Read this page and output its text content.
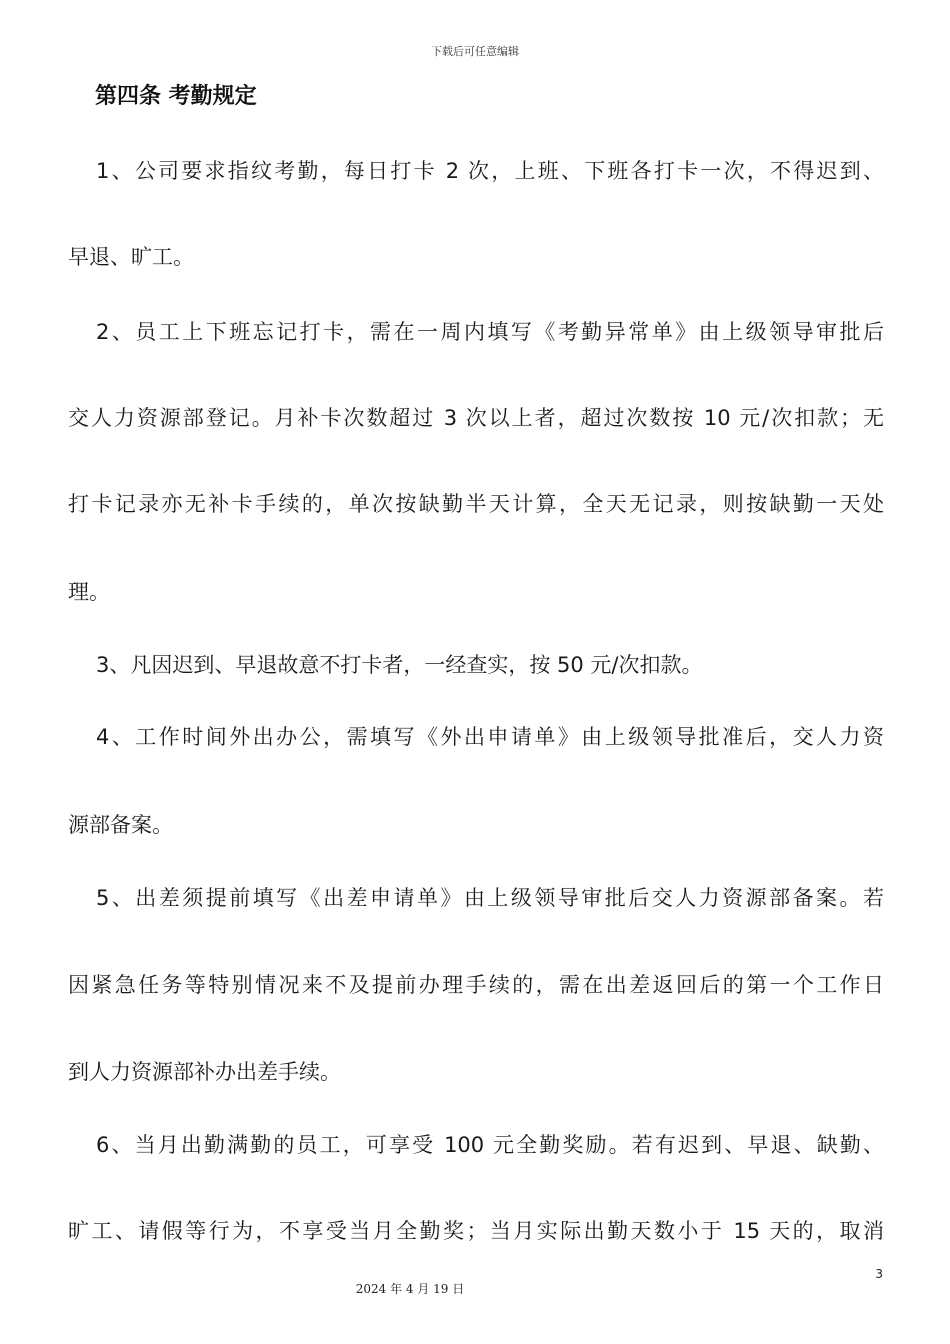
下载后可任意编辑
第四条 考勤规定
1、公司要求指纹考勤，每日打卡 2 次，上班、下班各打卡一次，不得迟到、
早退、旷工。
2、员工上下班忘记打卡，需在一周内填写《考勤异常单》由上级领导审批后
交人力资源部登记。月补卡次数超过 3 次以上者，超过次数按 10 元/次扣款；无
打卡记录亦无补卡手续的，单次按缺勤半天计算，全天无记录，则按缺勤一天处
理。
3、凡因迟到、早退故意不打卡者，一经查实，按 50 元/次扣款。
4、工作时间外出办公，需填写《外出申请单》由上级领导批准后，交人力资
源部备案。
5、出差须提前填写《出差申请单》由上级领导审批后交人力资源部备案。若
因紧急任务等特别情况来不及提前办理手续的，需在出差返回后的第一个工作日
到人力资源部补办出差手续。
6、当月出勤满勤的员工，可享受 100 元全勤奖励。若有迟到、早退、缺勤、
旷工、请假等行为，不享受当月全勤奖；当月实际出勤天数小于 15 天的，取消
3
2024 年 4 月 19 日
